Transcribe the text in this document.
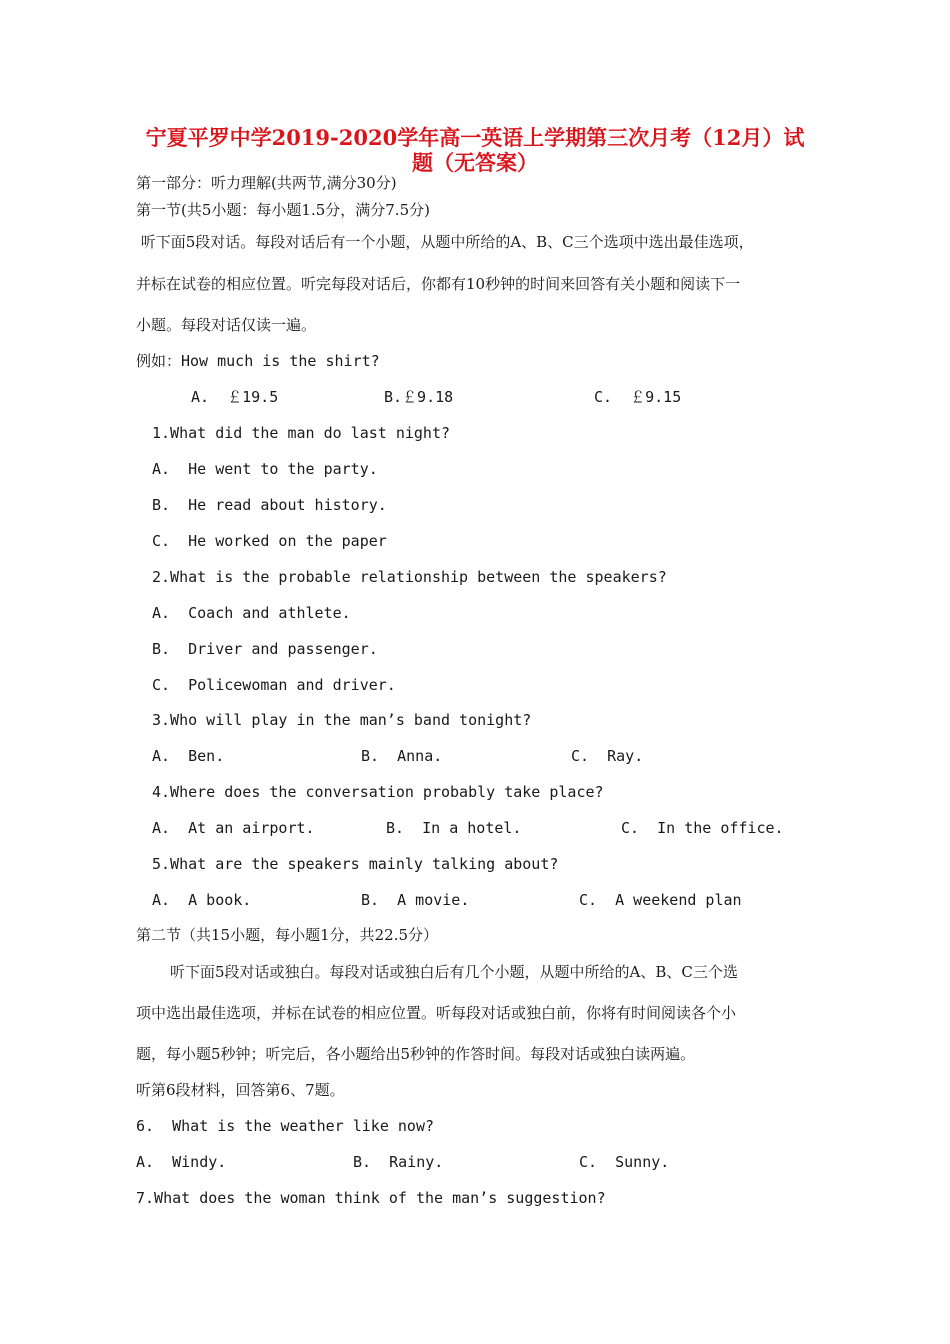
宁夏平罗中学2019-2020学年高一英语上学期第三次月考（12月）试
题（无答案）
第一部分：听力理解(共两节,满分30分)
第一节(共5小题：每小题1.5分，满分7.5分)
听下面5段对话。每段对话后有一个小题，从题中所给的A、B、C三个选项中选出最佳选项，
并标在试卷的相应位置。听完每段对话后，你都有10秒钟的时间来回答有关小题和阅读下一
小题。每段对话仅读一遍。
例如：How much is the shirt?
A.  ￡19.5	B.￡9.18	C.  ￡9.15
1.What did the man do last night?
A.  He went to the party.
B.  He read about history.
C.  He worked on the paper
2.What is the probable relationship between the speakers?
A.  Coach and athlete.
B.  Driver and passenger.
C.  Policewoman and driver.
3.Who will play in the man’s band tonight?
A.  Ben.	B.  Anna.	C.  Ray.
4.Where does the conversation probably take place?
A.  At an airport.	B.  In a hotel.	C.  In the office.
5.What are the speakers mainly talking about?
A.  A book.	B.  A movie.	C.  A weekend plan
第二节（共15小题，每小题1分，共22.5分）
听下面5段对话或独白。每段对话或独白后有几个小题，从题中所给的A、B、C三个选
项中选出最佳选项，并标在试卷的相应位置。听每段对话或独白前，你将有时间阅读各个小
题，每小题5秒钟；听完后，各小题给出5秒钟的作答时间。每段对话或独白读两遍。
听第6段材料，回答第6、7题。
6.  What is the weather like now?
A.  Windy.	B.  Rainy.	C.  Sunny.
7.What does the woman think of the man’s suggestion?
